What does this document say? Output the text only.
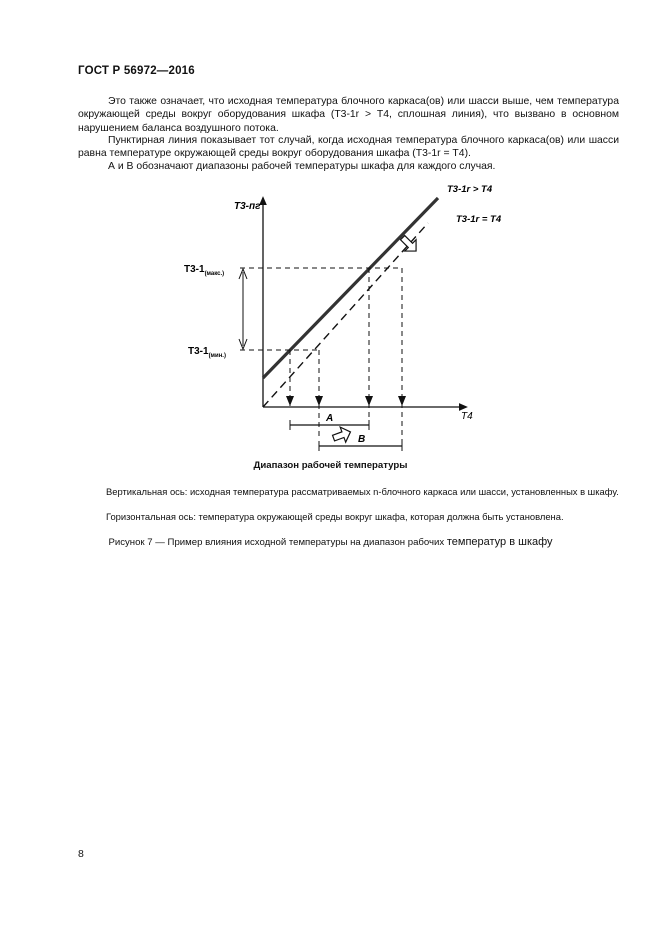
ГОСТ Р 56972—2016

Это также означает, что исходная температура блочного каркаса(ов) или шасси выше, чем температура окружающей среды вокруг оборудования шкафа (Т3-1r > Т4, сплошная линия), что вызвано в основном нарушением баланса воздушного потока.

Пунктирная линия показывает тот случай, когда исходная температура блочного каркаса(ов) или шасси равна температуре окружающей среды вокруг оборудования шкафа (Т3-1r = Т4).

А и В обозначают диапазоны рабочей температуры шкафа для каждого случая.

Т3-пг
Т4
Т3-1r > Т4
Т3-1r = Т4
$Т3-1_{(макс.)}$
$Т3-1_{(мин.)}$
А
В
Диапазон рабочей температуры

Вертикальная ось: исходная температура рассматриваемых n-блочного каркаса или шасси, установленных в шкафу.

Горизонтальная ось: температура окружающей среды вокруг шкафа, которая должна быть установлена.

Рисунок 7 — Пример влияния исходной температуры на диапазон рабочих температур в шкафу
8
